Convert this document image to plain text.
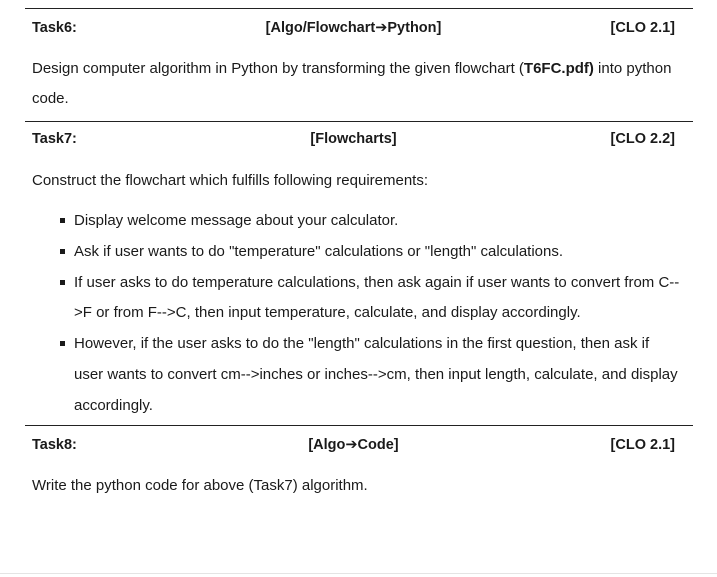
Task6:	[Algo/Flowchart➔Python]	[CLO 2.1]
Design computer algorithm in Python by transforming the given flowchart (T6FC.pdf) into python code.
Task7:	[Flowcharts]	[CLO 2.2]
Construct the flowchart which fulfills following requirements:
Display welcome message about your calculator.
Ask if user wants to do "temperature" calculations or "length" calculations.
If user asks to do temperature calculations, then ask again if user wants to convert from C-->F or from F-->C, then input temperature, calculate, and display accordingly.
However, if the user asks to do the "length" calculations in the first question, then ask if user wants to convert cm-->inches or inches-->cm, then input length, calculate, and display accordingly.
Task8:	[Algo➔Code]	[CLO 2.1]
Write the python code for above (Task7) algorithm.
